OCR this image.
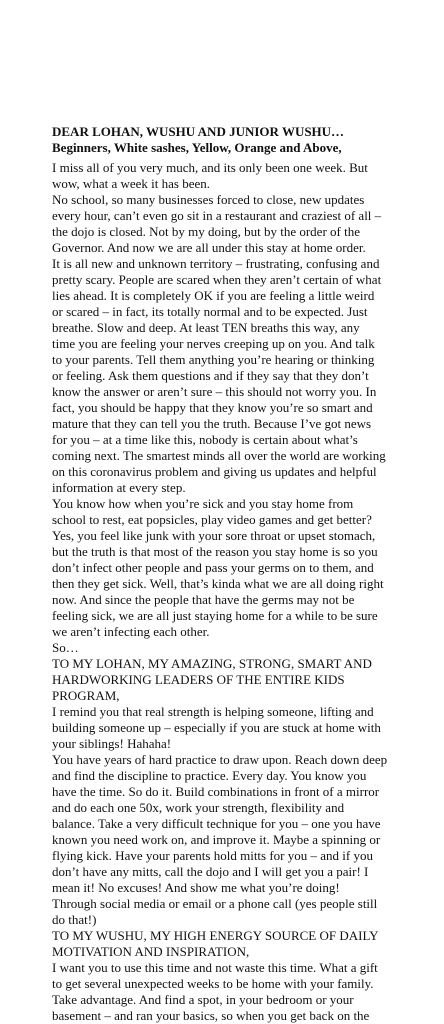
DEAR LOHAN, WUSHU AND JUNIOR WUSHU…
Beginners, White sashes, Yellow, Orange and Above,
I miss all of you very much, and its only been one week. But
wow, what a week it has been.
No school, so many businesses forced to close, new updates
every hour, can’t even go sit in a restaurant and craziest of all –
the dojo is closed. Not by my doing, but by the order of the
Governor. And now we are all under this stay at home order.
It is all new and unknown territory – frustrating, confusing and
pretty scary. People are scared when they aren’t certain of what
lies ahead. It is completely OK if you are feeling a little weird
or scared – in fact, its totally normal and to be expected. Just
breathe. Slow and deep. At least TEN breaths this way, any
time you are feeling your nerves creeping up on you. And talk
to your parents. Tell them anything you’re hearing or thinking
or feeling. Ask them questions and if they say that they don’t
know the answer or aren’t sure – this should not worry you. In
fact, you should be happy that they know you’re so smart and
mature that they can tell you the truth. Because I’ve got news
for you – at a time like this, nobody is certain about what’s
coming next. The smartest minds all over the world are working
on this coronavirus problem and giving us updates and helpful
information at every step.
You know how when you’re sick and you stay home from
school to rest, eat popsicles, play video games and get better?
Yes, you feel like junk with your sore throat or upset stomach,
but the truth is that most of the reason you stay home is so you
don’t infect other people and pass your germs on to them, and
then they get sick. Well, that’s kinda what we are all doing right
now. And since the people that have the germs may not be
feeling sick, we are all just staying home for a while to be sure
we aren’t infecting each other.
So…
TO MY LOHAN, MY AMAZING, STRONG, SMART AND
HARDWORKING LEADERS OF THE ENTIRE KIDS
PROGRAM,
I remind you that real strength is helping someone, lifting and
building someone up – especially if you are stuck at home with
your siblings! Hahaha!
You have years of hard practice to draw upon. Reach down deep
and find the discipline to practice. Every day. You know you
have the time. So do it. Build combinations in front of a mirror
and do each one 50x, work your strength, flexibility and
balance. Take a very difficult technique for you – one you have
known you need work on, and improve it. Maybe a spinning or
flying kick. Have your parents hold mitts for you – and if you
don’t have any mitts, call the dojo and I will get you a pair! I
mean it! No excuses! And show me what you’re doing!
Through social media or email or a phone call (yes people still
do that!)
TO MY WUSHU, MY HIGH ENERGY SOURCE OF DAILY
MOTIVATION AND INSPIRATION,
I want you to use this time and not waste this time. What a gift
to get several unexpected weeks to be home with your family.
Take advantage. And find a spot, in your bedroom or your
basement – and ran your basics, so when you get back on the
